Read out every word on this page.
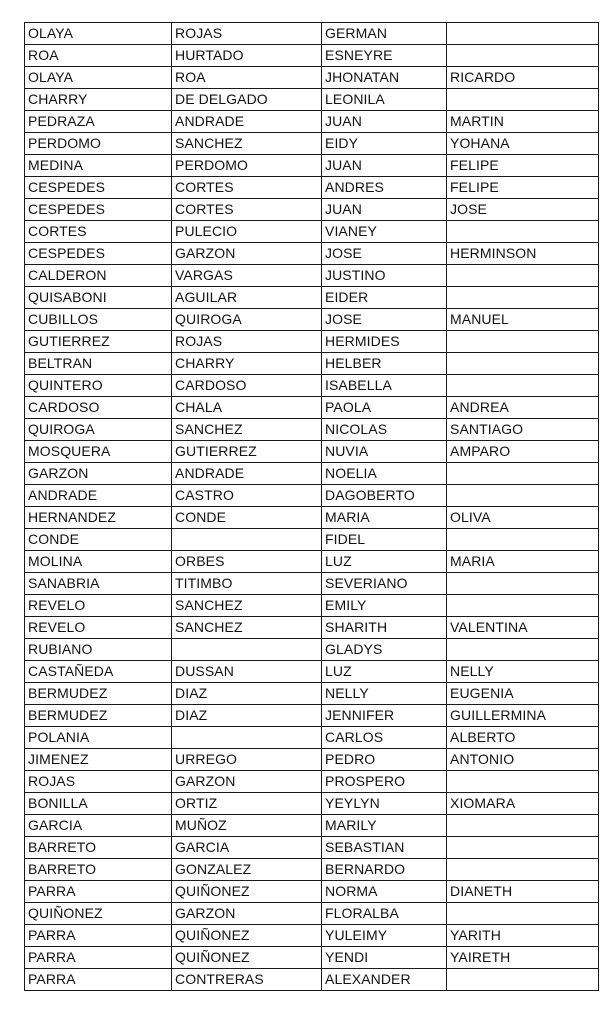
OLAYA	ROJAS	GERMAN	
ROA	HURTADO	ESNEYRE	
OLAYA	ROA	JHONATAN	RICARDO
CHARRY	DE DELGADO	LEONILA	
PEDRAZA	ANDRADE	JUAN	MARTIN
PERDOMO	SANCHEZ	EIDY	YOHANA
MEDINA	PERDOMO	JUAN	FELIPE
CESPEDES	CORTES	ANDRES	FELIPE
CESPEDES	CORTES	JUAN	JOSE
CORTES	PULECIO	VIANEY	
CESPEDES	GARZON	JOSE	HERMINSON
CALDERON	VARGAS	JUSTINO	
QUISABONI	AGUILAR	EIDER	
CUBILLOS	QUIROGA	JOSE	MANUEL
GUTIERREZ	ROJAS	HERMIDES	
BELTRAN	CHARRY	HELBER	
QUINTERO	CARDOSO	ISABELLA	
CARDOSO	CHALA	PAOLA	ANDREA
QUIROGA	SANCHEZ	NICOLAS	SANTIAGO
MOSQUERA	GUTIERREZ	NUVIA	AMPARO
GARZON	ANDRADE	NOELIA	
ANDRADE	CASTRO	DAGOBERTO	
HERNANDEZ	CONDE	MARIA	OLIVA
CONDE		FIDEL	
MOLINA	ORBES	LUZ	MARIA
SANABRIA	TITIMBO	SEVERIANO	
REVELO	SANCHEZ	EMILY	
REVELO	SANCHEZ	SHARITH	VALENTINA
RUBIANO		GLADYS	
CASTAÑEDA	DUSSAN	LUZ	NELLY
BERMUDEZ	DIAZ	NELLY	EUGENIA
BERMUDEZ	DIAZ	JENNIFER	GUILLERMINA
POLANIA		CARLOS	ALBERTO
JIMENEZ	URREGO	PEDRO	ANTONIO
ROJAS	GARZON	PROSPERO	
BONILLA	ORTIZ	YEYLYN	XIOMARA
GARCIA	MUÑOZ	MARILY	
BARRETO	GARCIA	SEBASTIAN	
BARRETO	GONZALEZ	BERNARDO	
PARRA	QUIÑONEZ	NORMA	DIANETH
QUIÑONEZ	GARZON	FLORALBA	
PARRA	QUIÑONEZ	YULEIMY	YARITH
PARRA	QUIÑONEZ	YENDI	YAIRETH
PARRA	CONTRERAS	ALEXANDER	
